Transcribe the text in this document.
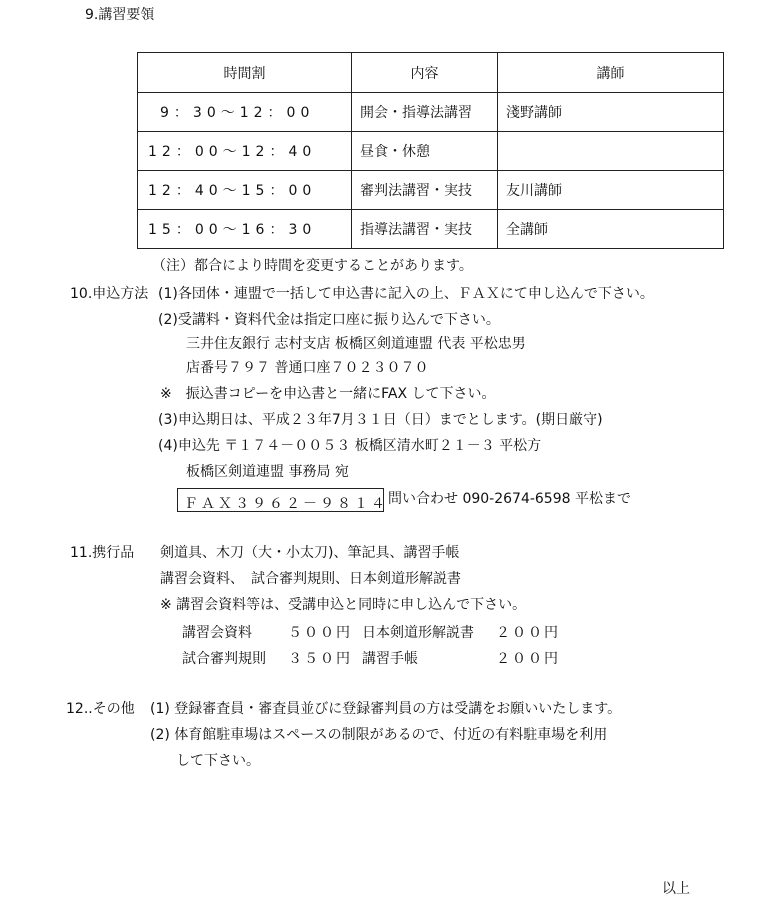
9.講習要領
時間割	内容	講師
9：30〜12：00	開会・指導法講習	淺野講師
12：00〜12：40	昼食・休憩	
12：40〜15：00	審判法講習・実技	友川講師
15：00〜16：30	指導法講習・実技	全講師
（注）都合により時間を変更することがあります。
10.申込方法 (1)各団体・連盟で一括して申込書に記入の上、ＦＡＸにて申し込んで下さい。
(2)受講料・資料代金は指定口座に振り込んで下さい。
三井住友銀行 志村支店 板橋区剣道連盟 代表 平松忠男
店番号７９７ 普通口座７０２３０７０
※　振込書コピーを申込書と一緒にFAX して下さい。
(3)申込期日は、平成２３年7月３１日（日）までとします。(期日厳守)
(4)申込先 〒１７４－００５３ 板橋区清水町２１－３ 平松方
板橋区剣道連盟 事務局 宛
ＦＡＸ３９６２－９８１４ 問い合わせ 090-2674-6598 平松まで
11.携行品 剣道具、木刀（大・小太刀)、筆記具、講習手帳
講習会資料、　試合審判規則、日本剣道形解説書
※ 講習会資料等は、受講申込と同時に申し込んで下さい。
講習会資料	５００円 日本剣道形解説書 ２００円
試合審判規則 ３５０円 講習手帳	２００円
12..その他 (1) 登録審査員・審査員並びに登録審判員の方は受講をお願いいたします。
(2) 体育館駐車場はスペースの制限があるので、付近の有料駐車場を利用
して下さい。
以上
